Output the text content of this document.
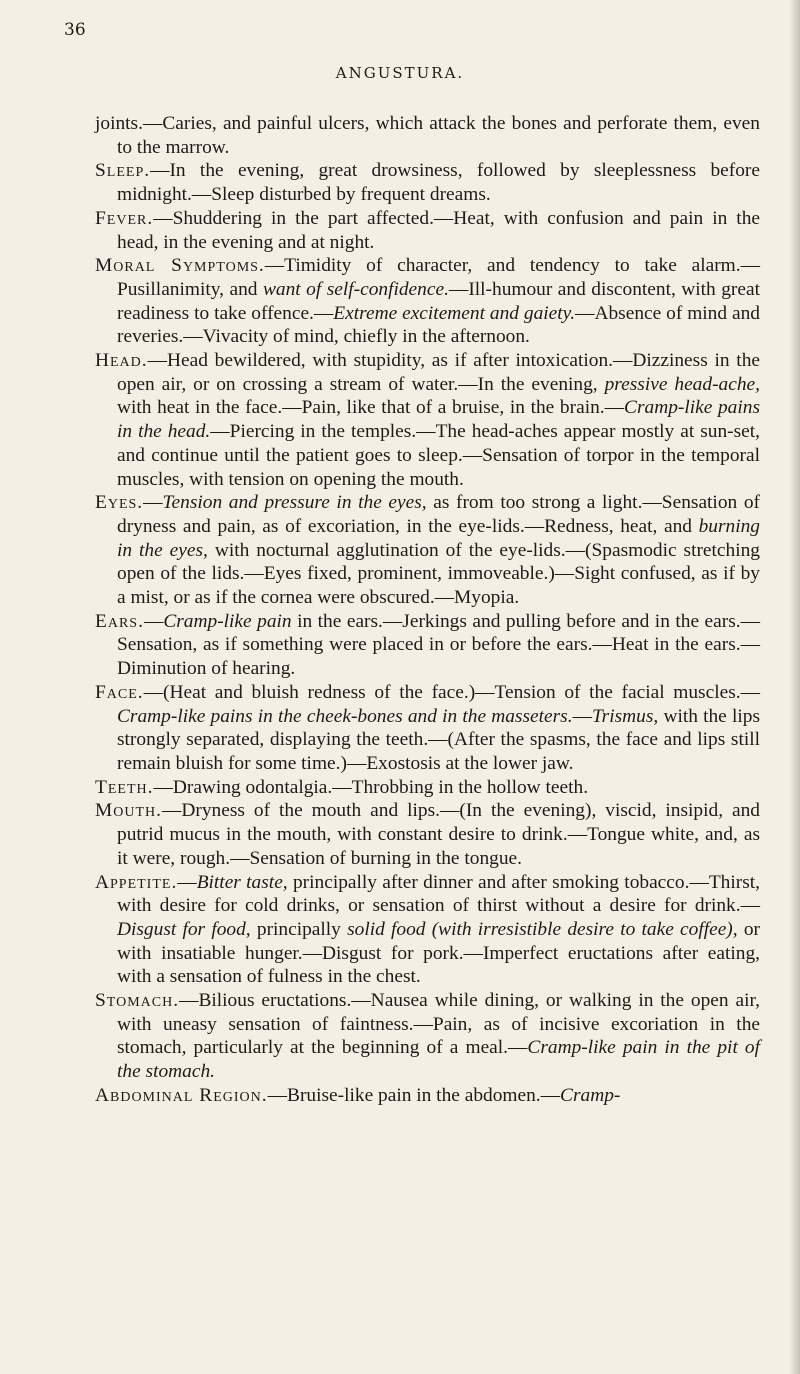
36
ANGUSTURA.

joints.—Caries, and painful ulcers, which attack the bones and perforate them, even to the marrow.

Sleep.—In the evening, great drowsiness, followed by sleeplessness before midnight.—Sleep disturbed by frequent dreams.

Fever.—Shuddering in the part affected.—Heat, with confusion and pain in the head, in the evening and at night.

Moral Symptoms.—Timidity of character, and tendency to take alarm.—Pusillanimity, and want of self-confidence.—Ill-humour and discontent, with great readiness to take offence.—Extreme excitement and gaiety.—Absence of mind and reveries.—Vivacity of mind, chiefly in the afternoon.

Head.—Head bewildered, with stupidity, as if after intoxication.—Dizziness in the open air, or on crossing a stream of water.—In the evening, pressive head-ache, with heat in the face.—Pain, like that of a bruise, in the brain.—Cramp-like pains in the head.—Piercing in the temples.—The head-aches appear mostly at sun-set, and continue until the patient goes to sleep.—Sensation of torpor in the temporal muscles, with tension on opening the mouth.

Eyes.—Tension and pressure in the eyes, as from too strong a light.—Sensation of dryness and pain, as of excoriation, in the eye-lids.—Redness, heat, and burning in the eyes, with nocturnal agglutination of the eye-lids.—(Spasmodic stretching open of the lids.—Eyes fixed, prominent, immoveable.)—Sight confused, as if by a mist, or as if the cornea were obscured.—Myopia.

Ears.—Cramp-like pain in the ears.—Jerkings and pulling before and in the ears.—Sensation, as if something were placed in or before the ears.—Heat in the ears.—Diminution of hearing.

Face.—(Heat and bluish redness of the face.)—Tension of the facial muscles.—Cramp-like pains in the cheek-bones and in the masseters.—Trismus, with the lips strongly separated, displaying the teeth.—(After the spasms, the face and lips still remain bluish for some time.)—Exostosis at the lower jaw.

Teeth.—Drawing odontalgia.—Throbbing in the hollow teeth.

Mouth.—Dryness of the mouth and lips.—(In the evening), viscid, insipid, and putrid mucus in the mouth, with constant desire to drink.—Tongue white, and, as it were, rough.—Sensation of burning in the tongue.

Appetite.—Bitter taste, principally after dinner and after smoking tobacco.—Thirst, with desire for cold drinks, or sensation of thirst without a desire for drink.—Disgust for food, principally solid food (with irresistible desire to take coffee), or with insatiable hunger.—Disgust for pork.—Imperfect eructations after eating, with a sensation of fulness in the chest.

Stomach.—Bilious eructations.—Nausea while dining, or walking in the open air, with uneasy sensation of faintness.—Pain, as of incisive excoriation in the stomach, particularly at the beginning of a meal.—Cramp-like pain in the pit of the stomach.

Abdominal Region.—Bruise-like pain in the abdomen.—Cramp-
